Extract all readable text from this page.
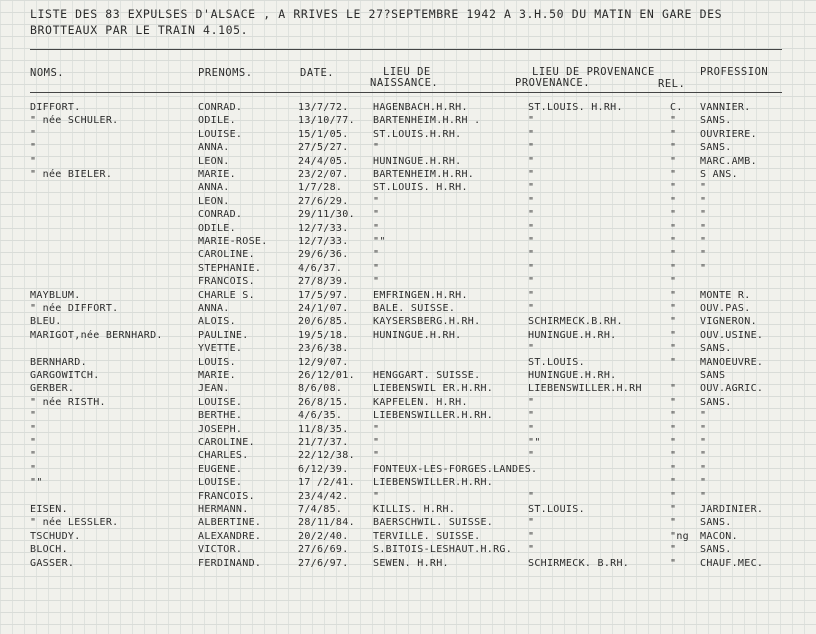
LISTE DES 83 EXPULSES D'ALSACE , A RRIVES LE 27?SEPTEMBRE 1942 A 3.H.50 DU MATIN EN GARE DES BROTTEAUX PAR LE TRAIN 4.105.
NOMS.	PRENOMS.	DATE.	LIEU DE
NAISSANCE.
LIEU DE PROVENANCE
PROVENANCE.	REL.
PROFESSION
DIFFORT.	CONRAD.	13/7/72. HAGENBACH.H.RH.	ST.LOUIS. H.RH.	C. VANNIER.
" née SCHULER.	ODILE.	13/10/77. BARTENHEIM.H.RH .	"	" SANS.
"	LOUISE.	15/1/05. ST.LOUIS.H.RH.	"	" OUVRIERE.
"	ANNA.	27/5/27. "	"	" SANS.
"	LEON.	24/4/05. HUNINGUE.H.RH.	"	" MARC.AMB.
" née BIELER.	MARIE.	23/2/07. BARTENHEIM.H.RH.	"	" S ANS.
ANNA.	1/7/28.	ST.LOUIS. H.RH.	"	" "
LEON.	27/6/29. "	"	" "
CONRAD.	29/11/30. "	"	" "
ODILE.	12/7/33. "	"	" "
MARIE-ROSE.	12/7/33. ""	"	" "
CAROLINE.	29/6/36. "	"	" "
STEPHANIE.	4/6/37.	"	"	" "
FRANCOIS.	27/8/39. "	"	"
MAYBLUM.	CHARLE S.	17/5/97. EMFRINGEN.H.RH.	"	" MONTE R.
" née DIFFORT.	ANNA.	24/1/07. BALE. SUISSE.	"	" OUV.PAS.
BLEU.	ALOIS.	20/6/85. KAYSERSBERG.H.RH.	SCHIRMECK.B.RH.	" VIGNERON.
MARIGOT,née BERNHARD.	PAULINE.	19/5/18. HUNINGUE.H.RH.	HUNINGUE.H.RH.	" OUV.USINE.
YVETTE.	23/6/38.	"	" SANS.
BERNHARD.	LOUIS.	12/9/07.	ST.LOUIS.	" MANOEUVRE.
GARGOWITCH.	MARIE.	26/12/01. HENGGART. SUISSE.	HUNINGUE.H.RH.	SANS
GERBER.	JEAN.	8/6/08.	LIEBENSWIL ER.H.RH.	LIEBENSWILLER.H.RH	" OUV.AGRIC.
" née RISTH.	LOUISE.	26/8/15. KAPFELEN. H.RH.	"	" SANS.
"	BERTHE.	4/6/35.	LIEBENSWILLER.H.RH.	"	" "
"	JOSEPH.	11/8/35. "	"	" "
"	CAROLINE.	21/7/37. "	""	" "
"	CHARLES.	22/12/38. "	"	" "
"	EUGENE.	6/12/39. FONTEUX-LES-FORGES.LANDES.	" "
""	LOUISE.	17 /2/41. LIEBENSWILLER.H.RH.	" "
FRANCOIS.	23/4/42. "	"	" "
EISEN.	HERMANN.	7/4/85.	KILLIS. H.RH.	ST.LOUIS.	" JARDINIER.
" née LESSLER.	ALBERTINE.	28/11/84. BAERSCHWIL. SUISSE.	"	" SANS.
TSCHUDY.	ALEXANDRE.	20/2/40. TERVILLE. SUISSE.	"	"ng MACON.
BLOCH.	VICTOR.	27/6/69. S.BITOIS-LESHAUT.H.RG. "	" SANS.
GASSER.	FERDINAND.	27/6/97. SEWEN. H.RH.	SCHIRMECK. B.RH.	" CHAUF.MEC.
